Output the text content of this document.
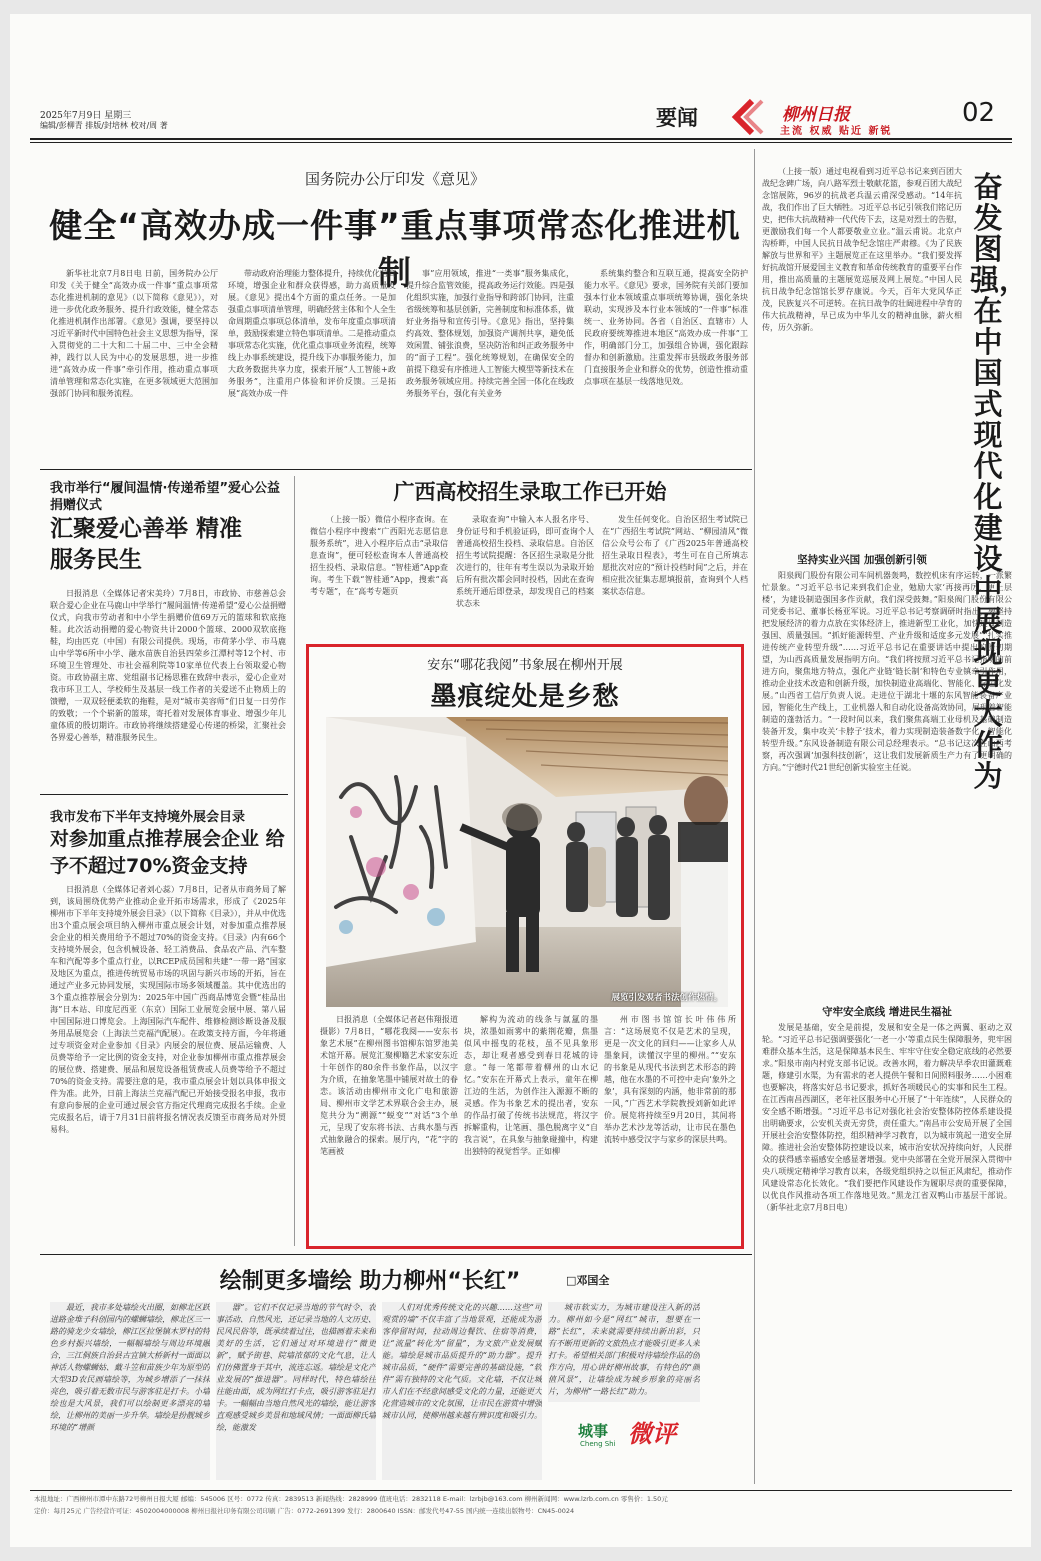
2025年7月9日 星期三
编辑/彭柳青 排版/封培林 校对/周 著	要闻	柳州日报
主流 权威 贴近 新锐
02
国务院办公厅印发《意见》
健全“高效办成一件事”重点事项常态化推进机制

新华社北京7月8日电 日前，国务院办公厅印发《关于健全“高效办成一件事”重点事项常态化推进机制的意见》（以下简称《意见》），对进一步优化政务服务、提升行政效能，健全常态化推进机制作出部署。《意见》强调，要坚持以习近平新时代中国特色社会主义思想为指导，深入贯彻党的二十大和二十届二中、三中全会精神，践行以人民为中心的发展思想，进一步推进“高效办成一件事”牵引作用，推动重点事项清单管理和常态化实施，在更多领域更大范围加强部门协同和服务流程。

带动政府治理能力整体提升，持续优化营商环境，增强企业和群众获得感，助力高质量发展。《意见》提出4个方面的重点任务。一是加强重点事项清单管理，明确经营主体和个人全生命周期重点事项总体清单，发布年度重点事项清单，鼓励探索建立特色事项清单。二是推动重点事项常态化实施，优化重点事项业务流程，统筹线上办事系统建设，提升线下办事服务能力，加大政务数据共享力度，探索开展“人工智能+政务服务”，注重用户体验和评价反馈。三是拓展“高效办成一件

事”应用领域，推进“一类事”服务集成化，提升综合监管效能，提高政务运行效能。四是强化组织实施，加强行业指导和跨部门协同，注重省级统筹和基层创新，完善制度和标准体系，做好业务指导和宣传引导。《意见》指出，坚持集约高效、整体规划，加强资产调剂共享，避免低效闲置、铺张浪费，坚决防治和纠正政务服务中的“面子工程”。强化统筹规划，在确保安全的前提下稳妥有序推进人工智能大模型等新技术在政务服务领域应用。持续完善全国一体化在线政务服务平台，强化有关业务

系统集约整合和互联互通，提高安全防护能力水平。《意见》要求，国务院有关部门要加强本行业本领域重点事项统筹协调，强化条块联动，实现涉及本行业本领域的“一件事”标准统一、业务协同。各省（自治区、直辖市）人民政府要统筹推进本地区“高效办成一件事”工作，明确部门分工，加强组合协调，强化跟踪督办和创新激励。注重发挥市县级政务服务部门直接服务企业和群众的优势，创造性推动重点事项在基层一线落地见效。

我市举行“履间温情·传递希望”爱心公益捐赠仪式
汇聚爱心善举 精准服务民生

日报消息（全媒体记者宋美玲）7月8日，市政协、市慈善总会联合爱心企业在马鹿山中学举行“履间温情·传递希望”爱心公益捐赠仪式，向我市劳动者和中小学生捐赠价值69万元的篮球和软底拖鞋。此次活动捐赠的爱心物资共计2000个篮球、2000双软底拖鞋，均由匹克（中国）有限公司提供。现场，市荷茅小学、市马鹿山中学等6所中小学、融水苗族自治县四荣乡江潭村等12个村、市环境卫生管理处、市社会福利院等10家单位代表上台领取爱心物资。市政协副主席、党组副书记杨思雅在致辞中表示，爱心企业对我市环卫工人、学校师生及基层一线工作者的关爱送不止物质上的馈赠，一双双轻便柔软的拖鞋，是对“城市美容师”们日复一日劳作的致敬；一个个崭新的篮球，寄托着对发展体育事业、增强少年儿童体质的殷切期许。市政协将继续搭建爱心传递的桥梁，汇聚社会各界爱心善举，精准服务民生。

我市发布下半年支持境外展会目录
对参加重点推荐展会企业 给予不超过70%资金支持

日报消息（全媒体记者刘心蕊）7月8日，记者从市商务局了解到，该局围绕优势产业推动企业开拓市场需求，形成了《2025年柳州市下半年支持境外展会目录》（以下简称《目录》），并从中优选出3个重点展会项目纳入柳州市重点展会计划，对参加重点推荐展会企业的相关费用给予不超过70%的资金支持。《目录》内有66个支持境外展会，包含机械设备、轻工消费品、食品农产品、汽车整车和汽配等多个重点行业，以RCEP成员国和共建“一带一路”国家及地区为重点，推进传统贸易市场的巩固与新兴市场的开拓，旨在通过产业多元协同发展，实现国际市场多领域覆盖。其中优选出的3个重点推荐展会分别为：2025年中国广西商品博览会暨“桂品出海”日本站、印度尼西亚（东京）国际工业展览会展中展、第八届中国国际进口博览会。上海国际汽车配件、维修检测诊断设备及服务用品展览会（上海法兰克福汽配展）。在政策支持方面，今年将通过专项资金对企业参加《目录》内展会的展位费、展品运输费、人员费等给予一定比例的资金支持，对企业参加柳州市重点推荐展会的展位费、搭建费、展品和展览设备租赁费或人员费等给予不超过70%的资金支持。需要注意的是，我市重点展会计划以具体申报文件为准。此外，日前上海法兰克福汽配已开始接受报名申报，我市有意向参展的企业可通过展会官方指定代理商完成报名手续。企业完成报名后，请于7月31日前将报名情况表反馈至市商务局对外贸易科。

广西高校招生录取工作已开始

（上接一版）微信小程序查询。在微信小程序中搜索“广西阳光志愿信息服务系统”，进入小程序后点击“录取信息查询”，便可轻松查询本人普通高校招生投档、录取信息。“智桂通”App查询。考生下载“智桂通”App，搜索“高考专题”，在“高考专题页

录取查询”中输入本人报名序号、身份证号和手机验证码，即可查询个人普通高校招生投档、录取信息。自治区招生考试院提醒：各区招生录取是分批次进行的，往年有考生误以为录取开始后所有批次都会同时投档，因此在查询系统开通后即登录，却发现自己的档案状态未

发生任何变化。自治区招生考试院已在“广西招生考试院”网站、“柳园清风”微信公众号公布了《广西2025年普通高校招生录取日程表》，考生可在自己所填志愿批次对应的“预计投档时间”之后，并在相应批次征集志愿填报前，查询到个人档案状态信息。

安东“哪花我阅”书象展在柳州开展
墨痕绽处是乡愁
展览引发观者书法创作热情。

日报消息（全媒体记者赵伟翔报道摄影）7月8日，“哪花我阅——安东书象艺术展”在柳州图书馆柳东馆罗池美术馆开幕。展览汇聚柳籍艺术家安东近十年创作的80余件书象作品，以汉字为介质，在抽象笔墨中铺展对故土的眷恋。该活动由柳州市文化广电和旅游局、柳州市文学艺术界联合会主办，展览共分为“溯源”“蜕变”“对话”3个单元，呈现了安东将书法、古典水墨与西式抽象融合的探索。展厅内，“花”字的笔画被

解构为流动的线条与氤氲的墨块，浓墨如雨雾中的紫荆花瓣，焦墨似风中摇曳的花枝，虽不见具象形态，却让观者感受到春日花城的诗意。“每一笔都带着柳州的山水记忆。”安东在开幕式上表示，童年在柳江边的生活，为创作注入源源不断的灵感。作为书象艺术的提出者，安东的作品打破了传统书法规范，将汉字拆解重构，让笔画、墨色脱离字义“自我言说”，在具象与抽象碰撞中，构建出独特的视觉哲学。正如柳

州市图书馆馆长叶伟伟所言：“这场展览不仅是艺术的呈现，更是一次文化的回归——让家乡人从墨象间，读懂汉字里的柳州。”“安东的书象是从现代书法到艺术形态的跨越，他在水墨的不可控中走向‘象外之象’，具有深刻的内涵，他非常前的那一风，”广西艺术学院教授刘新如此评价。展览将持续至9月20日，其间将举办艺术沙龙等活动，让市民在墨色流转中感受汉字与家乡的深层共鸣。

绘制更多墙绘 助力柳州“长红”	□邓国全

最近，我市多处墙绘火出圈，如柳北区跃进路金堆子科创园内的螺蛳墙绘，柳北区三一路的骑龙少女墙绘，柳江区拉堡镇木罗村的特色乡村振兴墙绘，一幅幅墙绘与周边环境融合，三江侗族自治县古宜镇大桥新村一面面以神话人物螺蛳姑、戴斗笠和苗族少年为原型的大型3D农民画墙绘等，为城乡增添了一抹抹亮色，吸引着无数市民与游客驻足打卡。小墙绘也是大风景，我们可以绘制更多漂亮的墙绘，让柳州的美丽一步升华。墙绘是扮靓城乡环境的“增颜

器”。它们不仅记录当地的节气时令、农事活动、自然风光，还记录当地的人文历史、民风民俗等，既承续着过往，也描画着未来和美好的生活，它们通过对环境进行“微更新”，赋予街巷、院墙浓郁的文化气息，让人们仿佛置身于其中，流连忘返。墙绘是文化产业发展的“推进器”。同样时代，特色墙绘往往能由面，成为网红打卡点，吸引游客驻足打卡。一幅幅由当地自然风光的墙绘，能让游客直观感受城乡美景和地域风情；一面面柳氏墙绘，能激发

人们对优秀传统文化的兴趣……这些“可观赏的墙”不仅丰富了当地景观，还能成为游客停留时间，拉动周边餐饮、住宿等消费，让“流量”转化为“留量”，为文旅产业发展赋能。墙绘是城市品质提升的“助力器”。提升城市品质，“硬件”需要完善的基础设施，“软件”需有独特的文化气质。文化墙，不仅让城市人们在不经意间感受文化的力量，还能更大化营造城市的文化氛围，让市民在游赏中增强城市认同，使柳州越来越有辨识度和吸引力。

城市软实力，为城市建设注入新的活力。柳州如今是“网红”城市，想要在一路“长红”，未来就需要持续出新出彩，只有不断用更新的文旅热点才能吸引更多人来打卡。希望相关部门积极对待墙绘作品的创作方向，用心讲好柳州故事，有特色的“颜值风景”，让墙绘成为城乡形象的亮丽名片，为柳州“一路长红”助力。

城事
Cheng Shi 微评
奋发图强，在中国式现代化建设中展现更大作为

（上接一版）通过电视看到习近平总书记来到百团大战纪念碑广场，向八路军烈士敬献花篮，参观百团大战纪念馆展陈，96岁的抗战老兵温云甫深受感动。“14年抗战，我们作出了巨大牺牲。习近平总书记引领我们铭记历史，把伟大抗战精神一代代传下去，这是对烈士的告慰，更激励我们每一个人都要敬业立业。”温云甫说。北京卢沟桥畔，中国人民抗日战争纪念馆庄严肃穆。《为了民族解放与世界和平》主题展览正在这里举办。“我们要发挥好抗战馆开展爱国主义教育和革命传统教育的重要平台作用，推出高质量的主题展览巡展及网上展览。”中国人民抗日战争纪念馆馆长罗存康说。今天，百年大党风华正茂，民族复兴不可逆转。在抗日战争的壮阔进程中孕育的伟大抗战精神，早已成为中华儿女的精神血脉，薪火相传，历久弥新。

坚持实业兴国 加强创新引领

阳泉阀门股份有限公司车间机器轰鸣，数控机床有序运转，一派繁忙景象。“习近平总书记来到我们企业，勉励大家‘再接再厉，更上层楼’，为建设制造强国多作贡献，我们深受鼓舞。”阳泉阀门股份有限公司党委书记、董事长杨亚军说。习近平总书记考察调研时指出，要坚持把发展经济的着力点放在实体经济上，推进新型工业化，加快建设制造强国、质量强国。“抓好能源转型、产业升级和适度多元发展”“扎实推进传统产业转型升级”……习近平总书记在重要讲话中提出的殷切期望，为山西高质量发展指明方向。“我们将按照习近平总书记指明的前进方向，聚焦地方特点，强化产业链‘链长制’和特色专业镇牵引作用，推动企业技术改造和创新升级，加快制造业高端化、智能化、绿色化发展。”山西省工信厅负责人说。走进位于湖北十堰的东风智能装备产业园，智能化生产线上，工业机器人和自动化设备高效协同，展现着智能制造的蓬勃活力。“一段时间以来，我们聚焦高端工业母机及基础制造装备开发，集中攻关‘卡脖子’技术，着力实现制造装备数字化、智能化转型升级。”东风设备制造有限公司总经理表示。“总书记这次在山西考察，再次强调‘加强科技创新’，这让我们发展新质生产力有了更明确的方向。”宁德时代21世纪创新实验室主任说。

守牢安全底线 增进民生福祉

发展是基础，安全是前提，发展和安全是一体之两翼、驱动之双轮。“习近平总书记强调要强化‘一老一小’等重点民生保障服务，兜牢困难群众基本生活，这是保障基本民生、牢牢守住安全稳定底线的必然要求。”阳泉市南内村党支部书记说。改善水网，着力解决早季农田灌溉难题，修建引水渠，为有需求的老人提供午餐和日间照料服务……小困难也要解决，将落实好总书记要求，抓好各项暖民心的实事和民生工程。在江西南昌西湖区，老年社区服务中心开展了“十年连续”，人民群众的安全感不断增强。“习近平总书记对强化社会治安整体防控体系建设提出明确要求，公安机关责无旁贷，责任重大。”南昌市公安局开展了全国开展社会治安整体防控，组织精神学习教育，以为城市筑起一道安全屏障。推进社会治安整体防控建设以来，城市治安状况持续向好，人民群众的获得感幸福感安全感显著增强。党中央部署在全党开展深入贯彻中央八项规定精神学习教育以来，各级党组织持之以恒正风肃纪，推动作风建设常态化长效化。“我们要把作风建设作为履职尽责的重要保障，以优良作风推动各项工作落地见效。”黑龙江省双鸭山市基层干部说。（新华社北京7月8日电）

本报地址：广西柳州市潭中东路72号柳州日报大厦 邮编：545006 区号：0772 传真：2839513 新闻热线：2828999 值班电话：2832118 E-mail：lzrbjb@163.com 柳州新闻网：www.lzrb.com.cn 零售价：1.50元
定价：每月25元 广告经营许可证：4502004000008 柳州日报社印务有限公司印刷 广告：0772-2691399 发行：2800640 ISSN：邮发代号47-55 国内统一连续出版物号：CN45-0024
